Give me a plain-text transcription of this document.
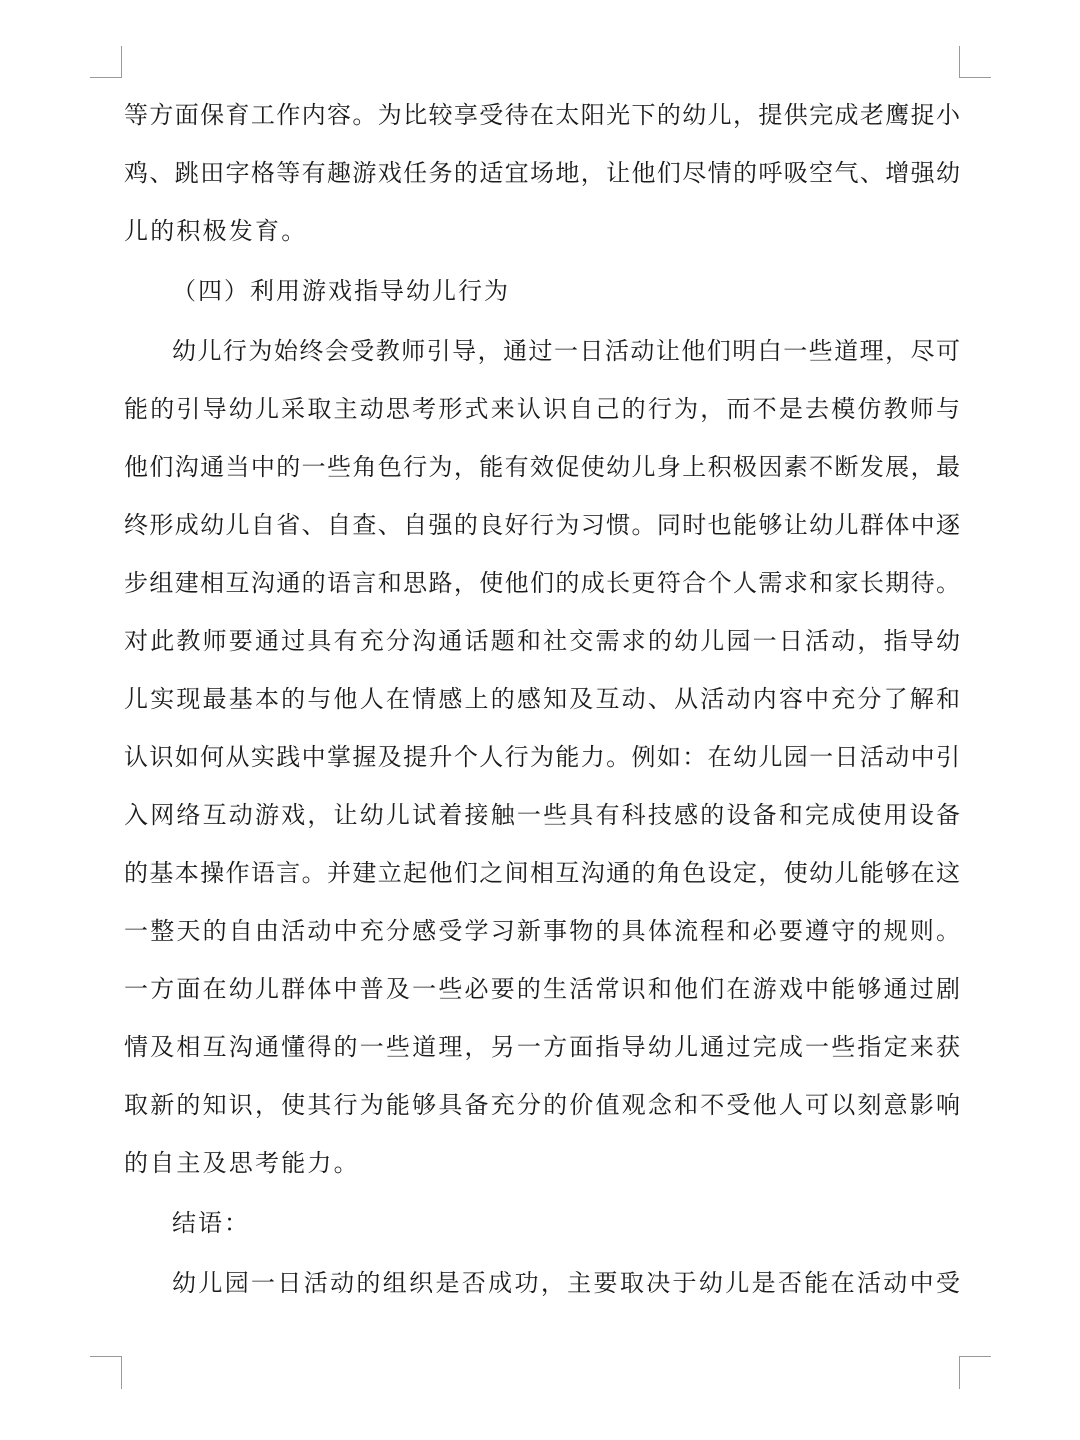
等方面保育工作内容。为比较享受待在太阳光下的幼儿，提供完成老鹰捉小
鸡、跳田字格等有趣游戏任务的适宜场地，让他们尽情的呼吸空气、增强幼
儿的积极发育。
（四）利用游戏指导幼儿行为
幼儿行为始终会受教师引导，通过一日活动让他们明白一些道理，尽可
能的引导幼儿采取主动思考形式来认识自己的行为，而不是去模仿教师与
他们沟通当中的一些角色行为，能有效促使幼儿身上积极因素不断发展，最
终形成幼儿自省、自查、自强的良好行为习惯。同时也能够让幼儿群体中逐
步组建相互沟通的语言和思路，使他们的成长更符合个人需求和家长期待。
对此教师要通过具有充分沟通话题和社交需求的幼儿园一日活动，指导幼
儿实现最基本的与他人在情感上的感知及互动、从活动内容中充分了解和
认识如何从实践中掌握及提升个人行为能力。例如：在幼儿园一日活动中引
入网络互动游戏，让幼儿试着接触一些具有科技感的设备和完成使用设备
的基本操作语言。并建立起他们之间相互沟通的角色设定，使幼儿能够在这
一整天的自由活动中充分感受学习新事物的具体流程和必要遵守的规则。
一方面在幼儿群体中普及一些必要的生活常识和他们在游戏中能够通过剧
情及相互沟通懂得的一些道理，另一方面指导幼儿通过完成一些指定来获
取新的知识，使其行为能够具备充分的价值观念和不受他人可以刻意影响
的自主及思考能力。
结语：
幼儿园一日活动的组织是否成功，主要取决于幼儿是否能在活动中受
